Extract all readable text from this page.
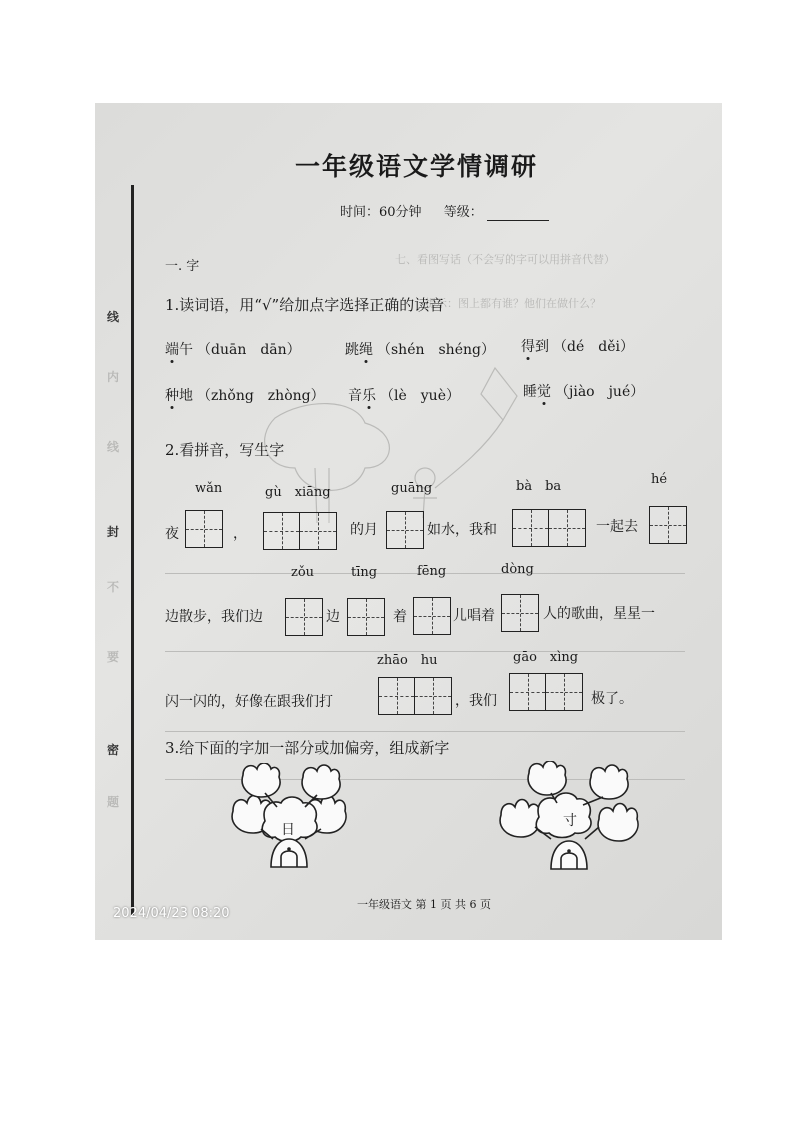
七、看图写话（不会写的字可以用拼音代替）
提示：图上都有谁？他们在做什么？
线
内
线
封
不
要
密
题
一年级语文学情调研
时间：60分钟 等级：
一. 字
1.读词语，用“√”给加点字选择正确的读音
端午 （duān　dān）	跳绳 （shén　shéng） 得到 （dé　děi）
种地 （zhǒng　zhòng） 音乐 （lè　yuè）	睡觉 （jiào　jué）
2.看拼音，写生字
wǎn	gù　xiāng	guāng	bà　ba	hé
夜	，	的月	如水，我和	一起去
zǒu	tīng	fēng	dòng
边散步，我们边	边	着	儿唱着	人的歌曲，星星一
zhāo　hu	gāo　xìng
闪一闪的，好像在跟我们打	，我们	极了。
3.给下面的字加一部分或加偏旁，组成新字
日
寸
一年级语文 第 1 页 共 6 页
2024/04/23 08:20
